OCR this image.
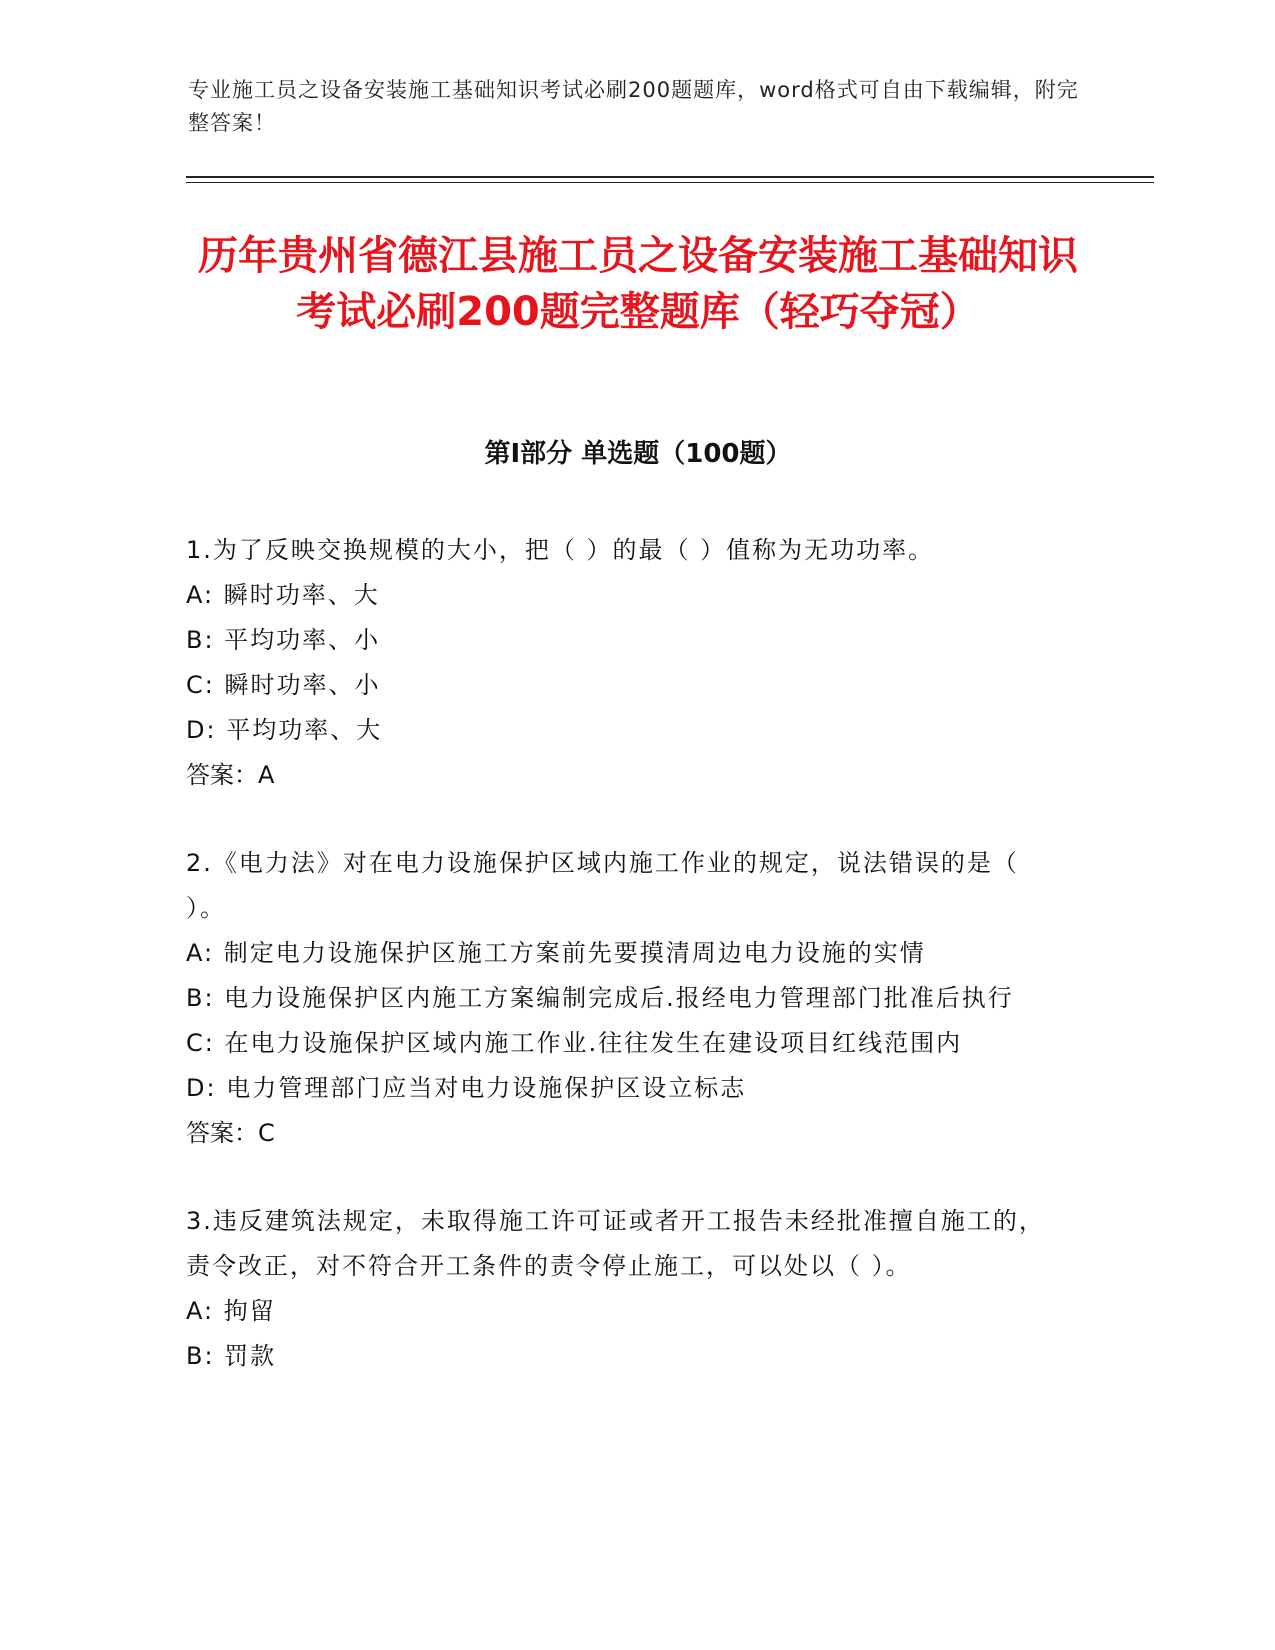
专业施工员之设备安装施工基础知识考试必刷200题题库，word格式可自由下载编辑，附完整答案！
历年贵州省德江县施工员之设备安装施工基础知识考试必刷200题完整题库（轻巧夺冠）
第Ⅰ部分 单选题（100题）
1.为了反映交换规模的大小，把（ ）的最（ ）值称为无功功率。
A: 瞬时功率、大
B: 平均功率、小
C: 瞬时功率、小
D: 平均功率、大
答案：A
2.《电力法》对在电力设施保护区域内施工作业的规定，说法错误的是（ ）。
A: 制定电力设施保护区施工方案前先要摸清周边电力设施的实情
B: 电力设施保护区内施工方案编制完成后.报经电力管理部门批准后执行
C: 在电力设施保护区域内施工作业.往往发生在建设项目红线范围内
D: 电力管理部门应当对电力设施保护区设立标志
答案：C
3.违反建筑法规定，未取得施工许可证或者开工报告未经批准擅自施工的，责令改正，对不符合开工条件的责令停止施工，可以处以（ ）。
A: 拘留
B: 罚款
